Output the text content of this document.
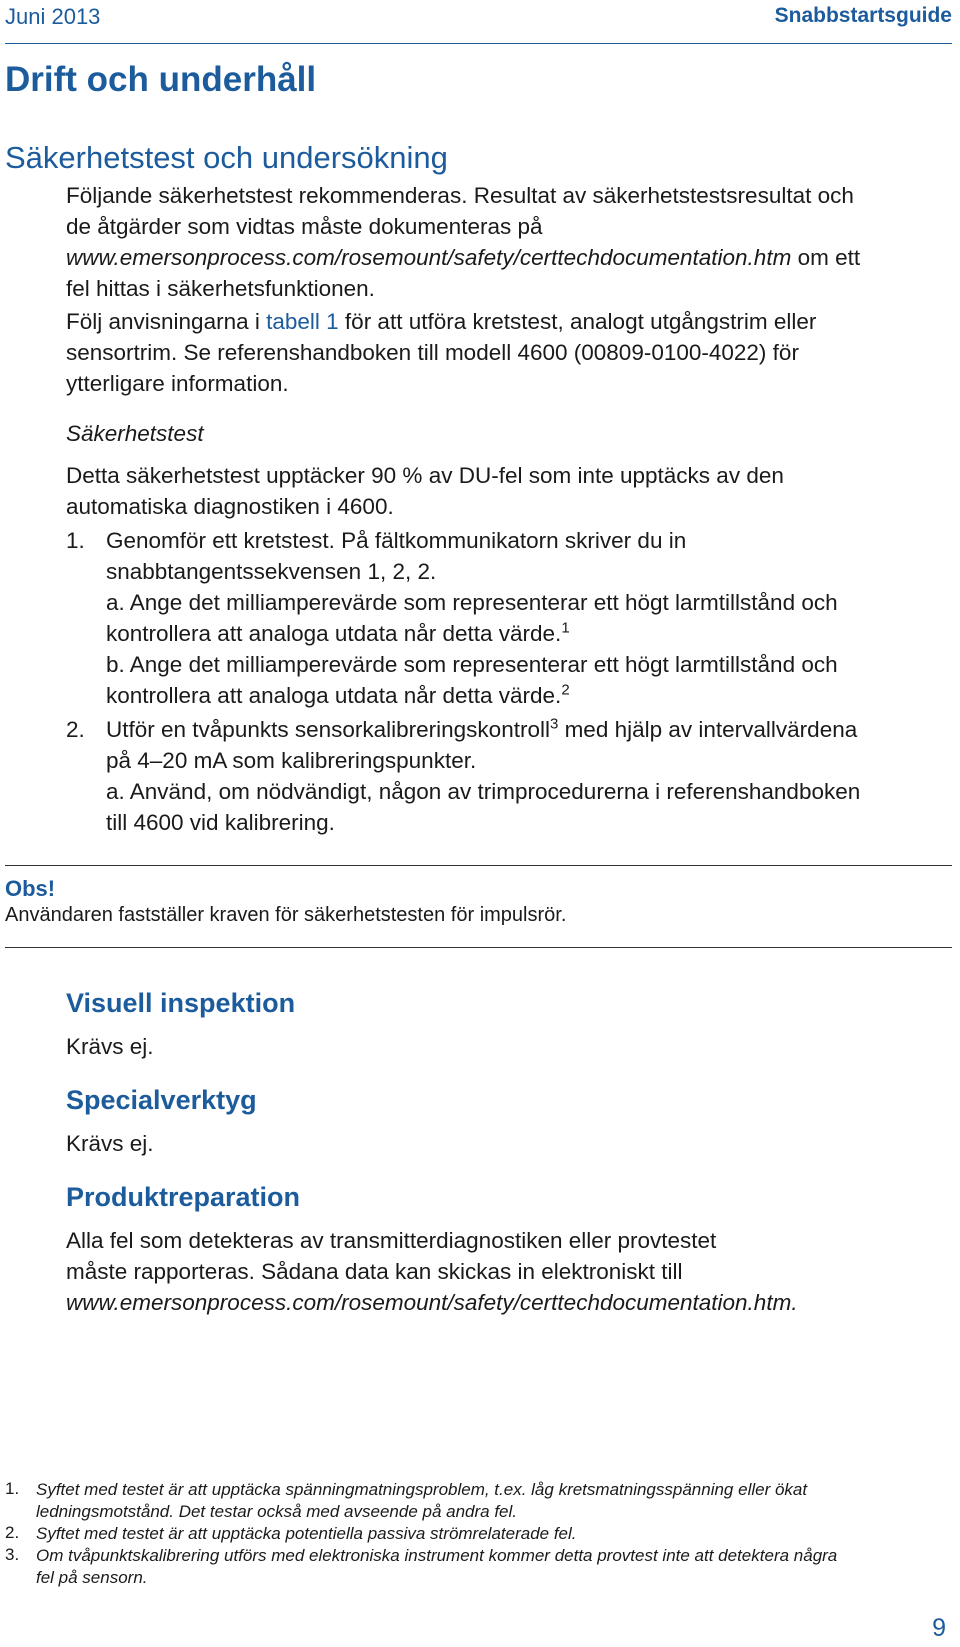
Juni 2013	Snabbstartsguide
Drift och underhåll
Säkerhetstest och undersökning
Följande säkerhetstest rekommenderas. Resultat av säkerhetstestsresultat och
de åtgärder som vidtas måste dokumenteras på
www.emersonprocess.com/rosemount/safety/certtechdocumentation.htm om ett
fel hittas i säkerhetsfunktionen.
Följ anvisningarna i tabell 1 för att utföra kretstest, analogt utgångstrim eller
sensortrim. Se referenshandboken till modell 4600 (00809-0100-4022) för
ytterligare information.
Säkerhetstest
Detta säkerhetstest upptäcker 90 % av DU-fel som inte upptäcks av den
automatiska diagnostiken i 4600.
1. Genomför ett kretstest. På fältkommunikatorn skriver du in
snabbtangentssekvensen 1, 2, 2.
a. Ange det milliamperevärde som representerar ett högt larmtillstånd och
kontrollera att analoga utdata når detta värde.$^1$
b. Ange det milliamperevärde som representerar ett högt larmtillstånd och
kontrollera att analoga utdata når detta värde.$^2$
2. Utför en tvåpunkts sensorkalibreringskontroll$^3$ med hjälp av intervallvärdena
på 4–20 mA som kalibreringspunkter.
a. Använd, om nödvändigt, någon av trimprocedurerna i referenshandboken
till 4600 vid kalibrering.
Obs!
Användaren fastställer kraven för säkerhetstesten för impulsrör.
Visuell inspektion
Krävs ej.
Specialverktyg
Krävs ej.
Produktreparation
Alla fel som detekteras av transmitterdiagnostiken eller provtestet
måste rapporteras. Sådana data kan skickas in elektroniskt till
www.emersonprocess.com/rosemount/safety/certtechdocumentation.htm.
1. Syftet med testet är att upptäcka spänningmatningsproblem, t.ex. låg kretsmatningsspänning eller ökat
ledningsmotstånd. Det testar också med avseende på andra fel.
2. Syftet med testet är att upptäcka potentiella passiva strömrelaterade fel.
3. Om tvåpunktskalibrering utförs med elektroniska instrument kommer detta provtest inte att detektera några
fel på sensorn.
9
